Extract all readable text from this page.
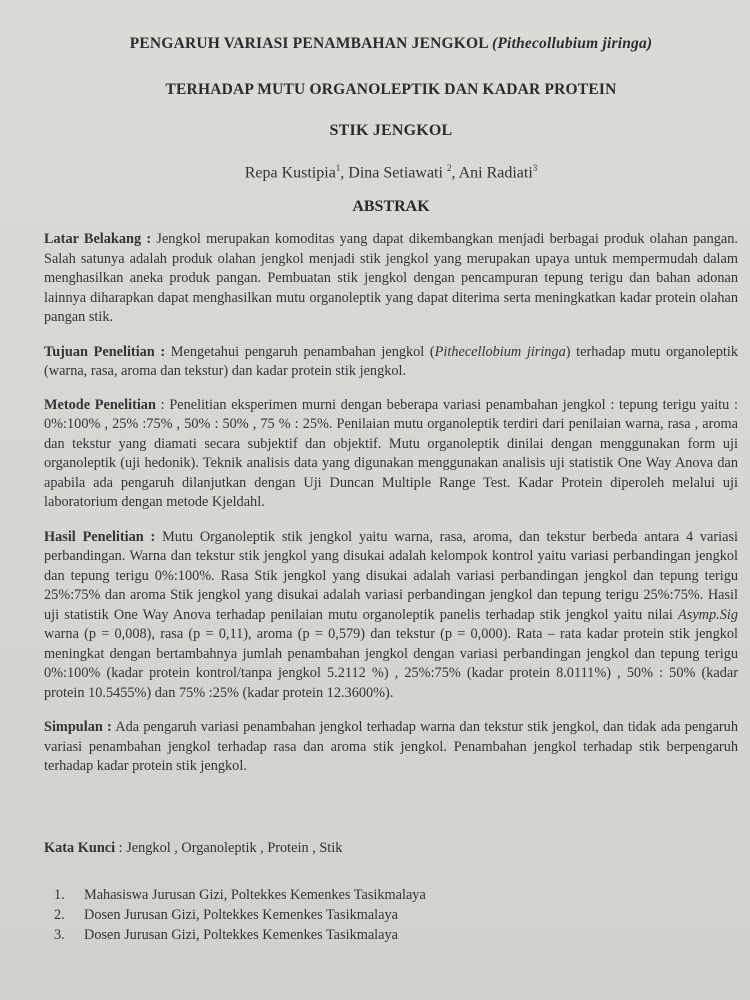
PENGARUH VARIASI PENAMBAHAN JENGKOL (Pithecollubium jiringa)

TERHADAP MUTU ORGANOLEPTIK DAN KADAR PROTEIN

STIK JENGKOL

Repa Kustipia$^1$, Dina Setiawati $^2$, Ani Radiati$^3$
ABSTRAK

Latar Belakang : Jengkol merupakan komoditas yang dapat dikembangkan menjadi berbagai produk olahan pangan. Salah satunya adalah produk olahan jengkol menjadi stik jengkol yang merupakan upaya untuk mempermudah dalam menghasilkan aneka produk pangan. Pembuatan stik jengkol dengan pencampuran tepung terigu dan bahan adonan lainnya diharapkan dapat menghasilkan mutu organoleptik yang dapat diterima serta meningkatkan kadar protein olahan pangan stik.

Tujuan Penelitian : Mengetahui pengaruh penambahan jengkol (Pithecellobium jiringa) terhadap mutu organoleptik (warna, rasa, aroma dan tekstur) dan kadar protein stik jengkol.

Metode Penelitian : Penelitian eksperimen murni dengan beberapa variasi penambahan jengkol : tepung terigu yaitu : 0%:100% , 25% :75% , 50% : 50% , 75 % : 25%. Penilaian mutu organoleptik terdiri dari penilaian warna, rasa , aroma dan tekstur yang diamati secara subjektif dan objektif. Mutu organoleptik dinilai dengan menggunakan form uji organoleptik (uji hedonik). Teknik analisis data yang digunakan menggunakan analisis uji statistik One Way Anova dan apabila ada pengaruh dilanjutkan dengan Uji Duncan Multiple Range Test. Kadar Protein diperoleh melalui uji laboratorium dengan metode Kjeldahl.

Hasil Penelitian : Mutu Organoleptik stik jengkol yaitu warna, rasa, aroma, dan tekstur berbeda antara 4 variasi perbandingan. Warna dan tekstur stik jengkol yang disukai adalah kelompok kontrol yaitu variasi perbandingan jengkol dan tepung terigu 0%:100%. Rasa Stik jengkol yang disukai adalah variasi perbandingan jengkol dan tepung terigu 25%:75% dan aroma Stik jengkol yang disukai adalah variasi perbandingan jengkol dan tepung terigu 25%:75%. Hasil uji statistik One Way Anova terhadap penilaian mutu organoleptik panelis terhadap stik jengkol yaitu nilai Asymp.Sig warna (p = 0,008), rasa (p = 0,11), aroma (p = 0,579) dan tekstur (p = 0,000). Rata – rata kadar protein stik jengkol meningkat dengan bertambahnya jumlah penambahan jengkol dengan variasi perbandingan jengkol dan tepung terigu 0%:100% (kadar protein kontrol/tanpa jengkol 5.2112 %) , 25%:75% (kadar protein 8.0111%) , 50% : 50% (kadar protein 10.5455%) dan 75% :25% (kadar protein 12.3600%).

Simpulan : Ada pengaruh variasi penambahan jengkol terhadap warna dan tekstur stik jengkol, dan tidak ada pengaruh variasi penambahan jengkol terhadap rasa dan aroma stik jengkol. Penambahan jengkol terhadap stik berpengaruh terhadap kadar protein stik jengkol.

Kata Kunci : Jengkol , Organoleptik , Protein , Stik
1. Mahasiswa Jurusan Gizi, Poltekkes Kemenkes Tasikmalaya
2. Dosen Jurusan Gizi, Poltekkes Kemenkes Tasikmalaya
3. Dosen Jurusan Gizi, Poltekkes Kemenkes Tasikmalaya
